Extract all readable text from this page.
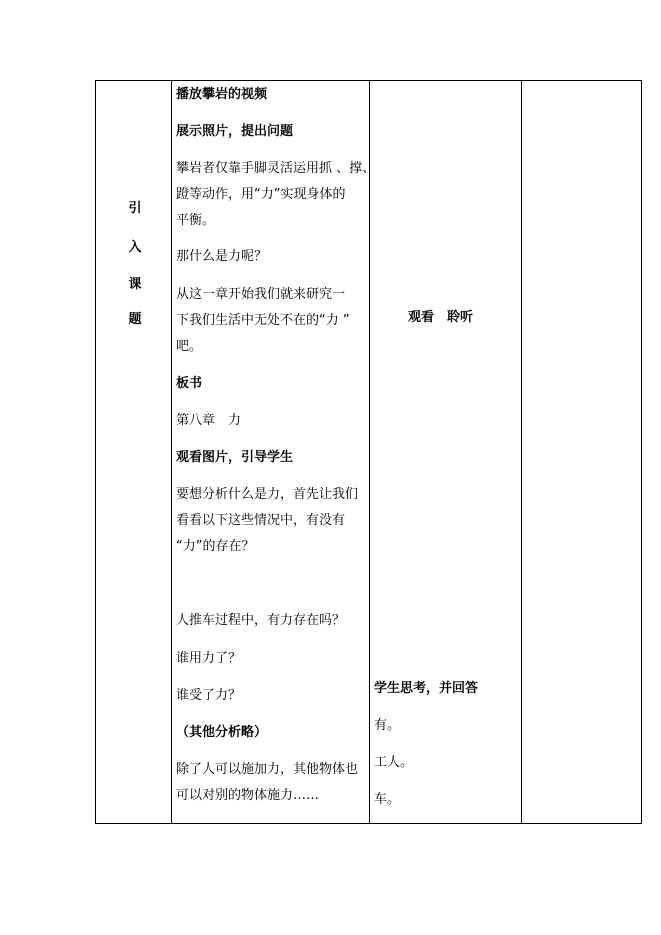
引
入
课
题
播放攀岩的视频
展示照片，提出问题
攀岩者仅靠手脚灵活运用抓 、撑、
蹬等动作，用“力”实现身体的
平衡。
那什么是力呢？
从这一章开始我们就来研究一
下我们生活中无处不在的“力 ”
吧。
板书
第八章　力
观看图片，引导学生
要想分析什么是力，首先让我们
看看以下这些情况中，有没有
“力”的存在？
人推车过程中，有力存在吗？
谁用力了？
谁受了力？
（其他分析略）
除了人可以施加力，其他物体也
可以对别的物体施力……
观看　聆听
学生思考，并回答
有。
工人。
车。
